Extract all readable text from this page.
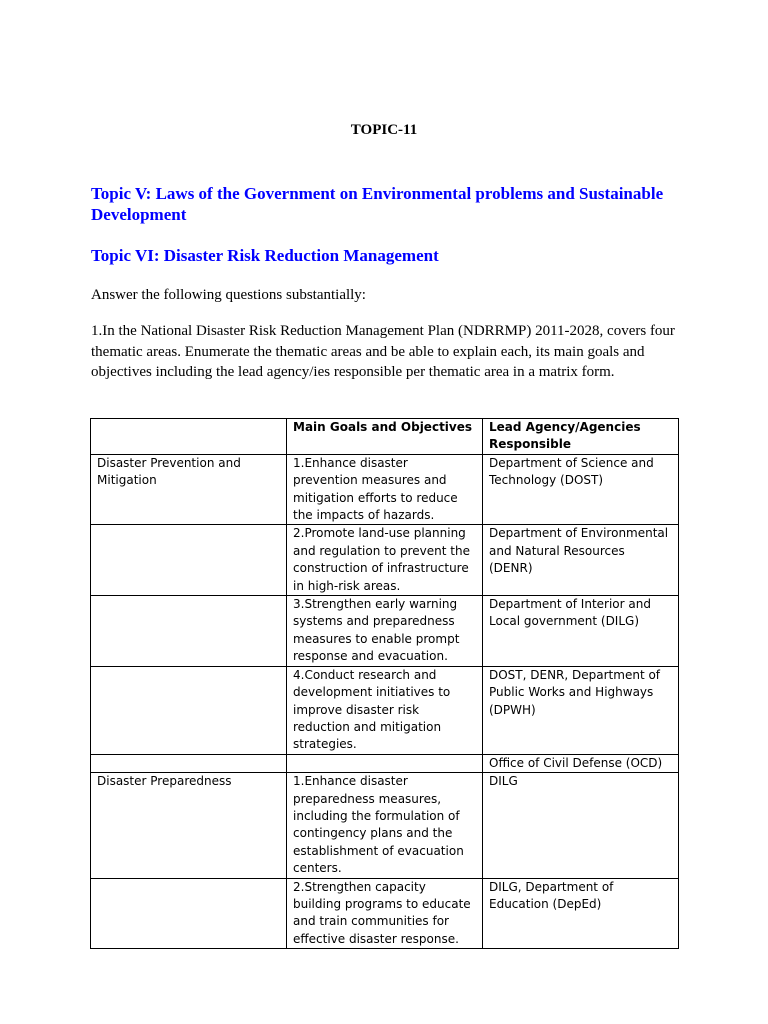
TOPIC-11
Topic V: Laws of the Government on Environmental problems and Sustainable Development
Topic VI: Disaster Risk Reduction Management
Answer the following questions substantially:
1.In the National Disaster Risk Reduction Management Plan (NDRRMP) 2011-2028, covers four thematic areas. Enumerate the thematic areas and be able to explain each, its main goals and objectives including the lead agency/ies responsible per thematic area in a matrix form.
	Main Goals and Objectives	Lead Agency/Agencies Responsible
Disaster Prevention and Mitigation	1.Enhance disaster prevention measures and mitigation efforts to reduce the impacts of hazards.	Department of Science and Technology (DOST)
	2.Promote land-use planning and regulation to prevent the construction of infrastructure in high-risk areas.	Department of Environmental and Natural Resources (DENR)
	3.Strengthen early warning systems and preparedness measures to enable prompt response and evacuation.	Department of Interior and Local government (DILG)
	4.Conduct research and development initiatives to improve disaster risk reduction and mitigation strategies.	DOST, DENR, Department of Public Works and Highways (DPWH)
		Office of Civil Defense (OCD)
Disaster Preparedness	1.Enhance disaster preparedness measures, including the formulation of contingency plans and the establishment of evacuation centers.	DILG
	2.Strengthen capacity building programs to educate and train communities for effective disaster response.	DILG, Department of Education (DepEd)
